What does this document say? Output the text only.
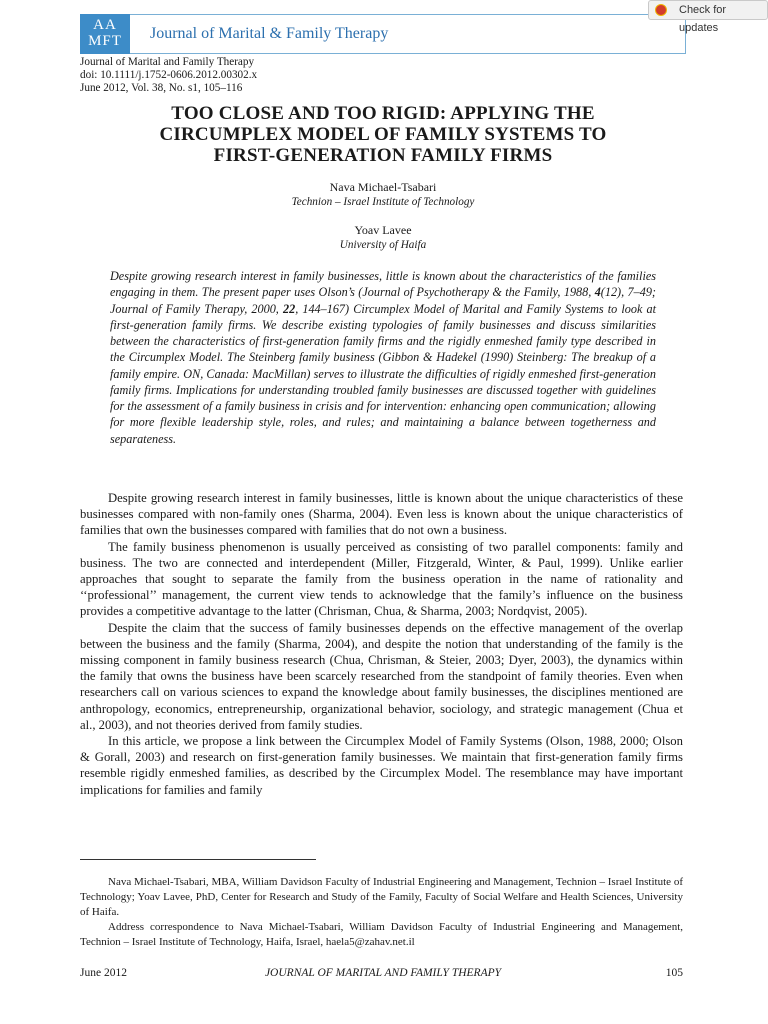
AA
MFT	Journal of Marital & Family Therapy
Check for updates
Journal of Marital and Family Therapy
doi: 10.1111/j.1752-0606.2012.00302.x
June 2012, Vol. 38, No. s1, 105–116
TOO CLOSE AND TOO RIGID: APPLYING THE
CIRCUMPLEX MODEL OF FAMILY SYSTEMS TO
FIRST-GENERATION FAMILY FIRMS
Nava Michael-Tsabari
Technion – Israel Institute of Technology
Yoav Lavee
University of Haifa
Despite growing research interest in family businesses, little is known about the characteristics of the families engaging in them. The present paper uses Olson’s (Journal of Psychotherapy & the Family, 1988, 4(12), 7–49; Journal of Family Therapy, 2000, 22, 144–167) Circumplex Model of Marital and Family Systems to look at first-generation family firms. We describe existing typologies of family businesses and discuss similarities between the characteristics of first-generation family firms and the rigidly enmeshed family type described in the Circumplex Model. The Steinberg family business (Gibbon & Hadekel (1990) Steinberg: The breakup of a family empire. ON, Canada: MacMillan) serves to illustrate the difficulties of rigidly enmeshed first-generation family firms. Implications for understanding troubled family businesses are discussed together with guidelines for the assessment of a family business in crisis and for intervention: enhancing open communication; allowing for more flexible leadership style, roles, and rules; and maintaining a balance between togetherness and separateness.

Despite growing research interest in family businesses, little is known about the unique characteristics of these businesses compared with non-family ones (Sharma, 2004). Even less is known about the unique characteristics of families that own the businesses compared with families that do not own a business.

The family business phenomenon is usually perceived as consisting of two parallel components: family and business. The two are connected and interdependent (Miller, Fitzgerald, Winter, & Paul, 1999). Unlike earlier approaches that sought to separate the family from the business operation in the name of rationality and ‘‘professional’’ management, the current view tends to acknowledge that the family’s influence on the business provides a competitive advantage to the latter (Chrisman, Chua, & Sharma, 2003; Nordqvist, 2005).

Despite the claim that the success of family businesses depends on the effective management of the overlap between the business and the family (Sharma, 2004), and despite the notion that understanding of the family is the missing component in family business research (Chua, Chrisman, & Steier, 2003; Dyer, 2003), the dynamics within the family that owns the business have been scarcely researched from the standpoint of family theories. Even when researchers call on various sciences to expand the knowledge about family businesses, the disciplines mentioned are anthropology, economics, entrepreneurship, organizational behavior, sociology, and strategic management (Chua et al., 2003), and not theories derived from family studies.

In this article, we propose a link between the Circumplex Model of Family Systems (Olson, 1988, 2000; Olson & Gorall, 2003) and research on first-generation family businesses. We maintain that first-generation family firms resemble rigidly enmeshed families, as described by the Circumplex Model. The resemblance may have important implications for families and family

Nava Michael-Tsabari, MBA, William Davidson Faculty of Industrial Engineering and Management, Technion – Israel Institute of Technology; Yoav Lavee, PhD, Center for Research and Study of the Family, Faculty of Social Welfare and Health Sciences, University of Haifa.

Address correspondence to Nava Michael-Tsabari, William Davidson Faculty of Industrial Engineering and Management, Technion – Israel Institute of Technology, Haifa, Israel, haela5@zahav.net.il

June 2012	JOURNAL OF MARITAL AND FAMILY THERAPY	105
